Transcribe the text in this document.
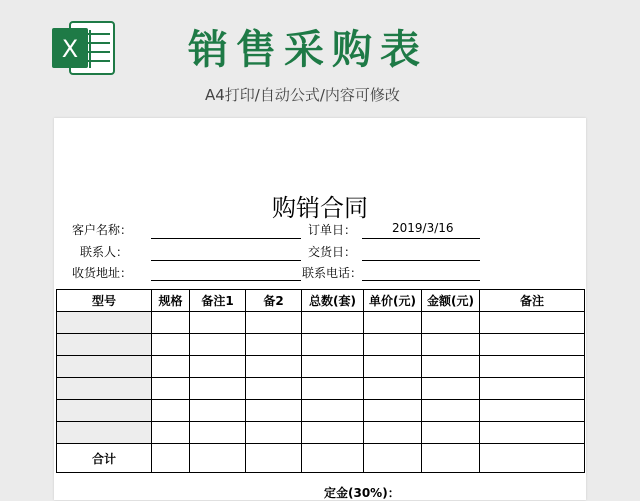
X	销售采购表
A4打印/自动公式/内容可修改
购销合同
客户名称：	订单日：	2019/3/16
联系人：	交货日：
收货地址：	联系电话：
型号	规格	备注1	备2	总数(套)	单价(元)	金额(元)	备注

合计							
定金(30%)：
